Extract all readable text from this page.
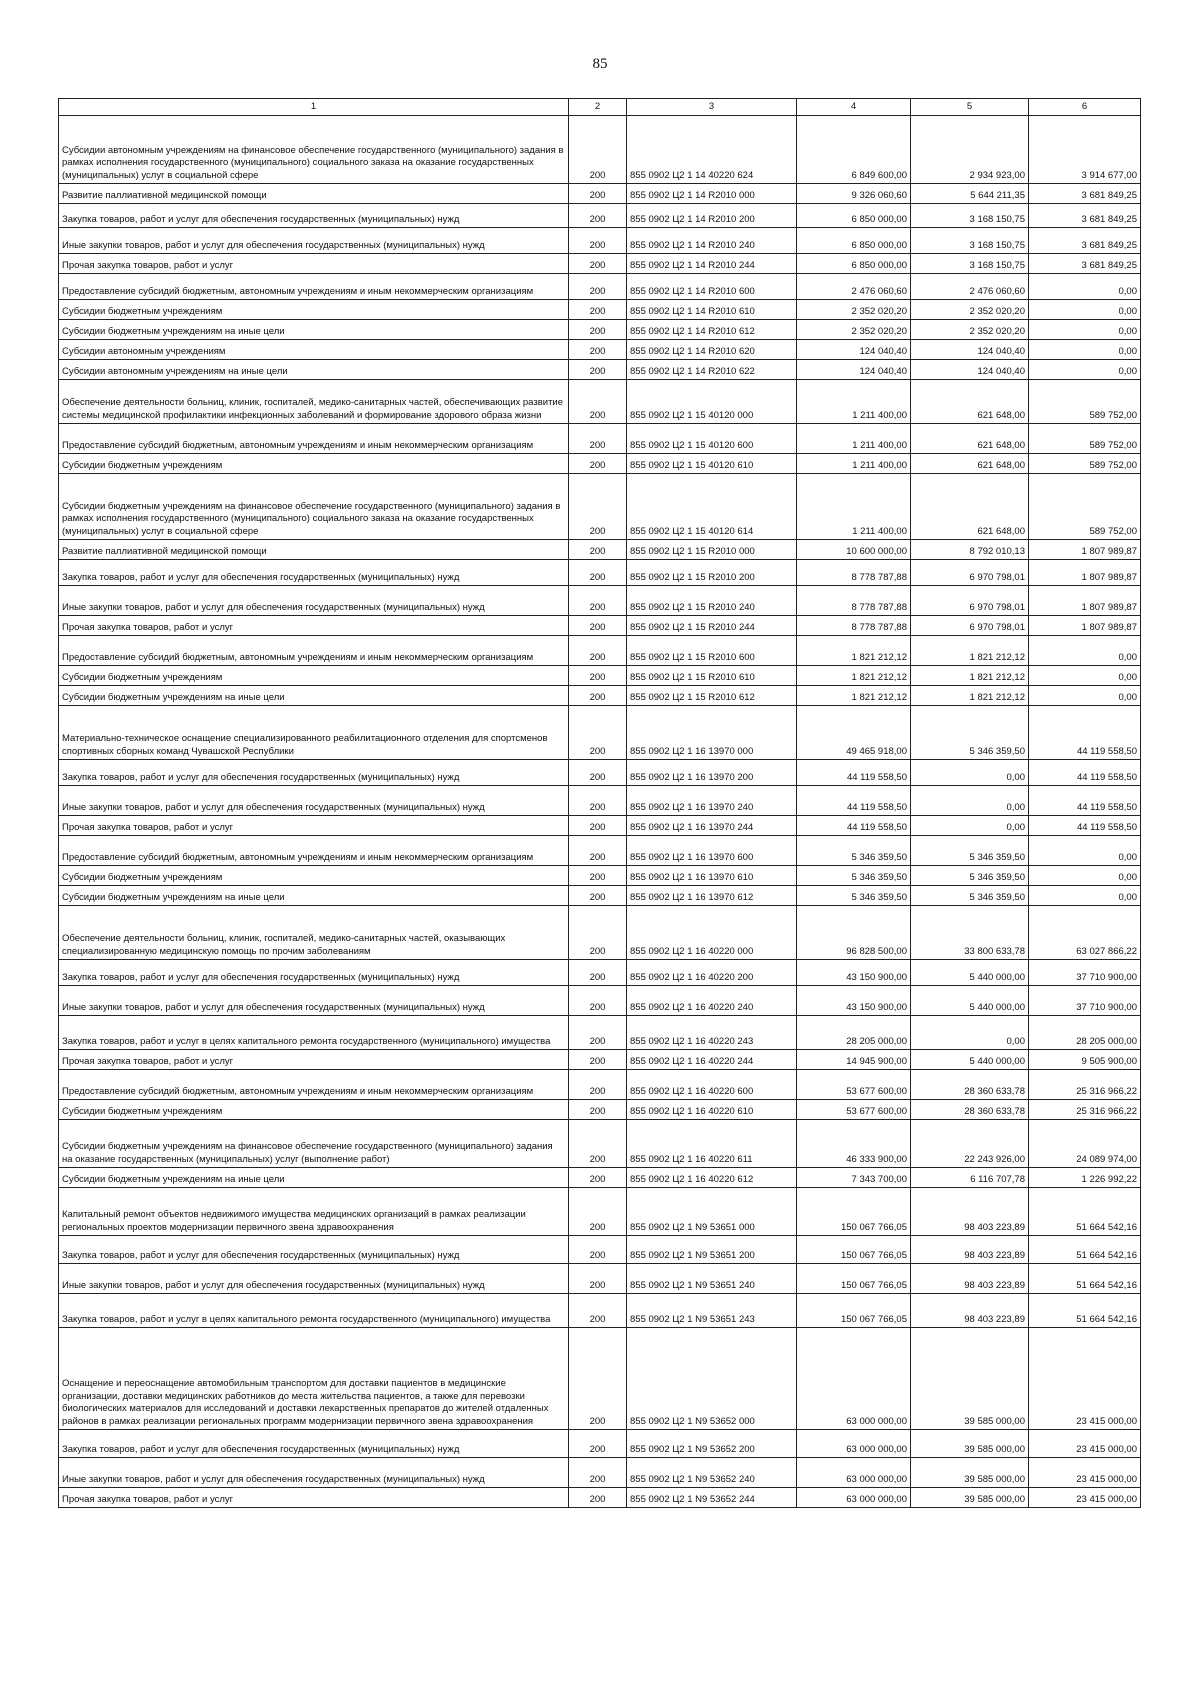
85
1	2	3	4	5	6
Субсидии автономным учреждениям на финансовое обеспечение государственного (муниципального) задания в рамках исполнения государственного (муниципального) социального заказа на оказание государственных (муниципальных) услуг в социальной сфере	200	855 0902 Ц2 1 14 40220 624	6 849 600,00	2 934 923,00	3 914 677,00
Развитие паллиативной медицинской помощи	200	855 0902 Ц2 1 14 R2010 000	9 326 060,60	5 644 211,35	3 681 849,25
Закупка товаров, работ и услуг для обеспечения государственных (муниципальных) нужд	200	855 0902 Ц2 1 14 R2010 200	6 850 000,00	3 168 150,75	3 681 849,25
Иные закупки товаров, работ и услуг для обеспечения государственных (муниципальных) нужд	200	855 0902 Ц2 1 14 R2010 240	6 850 000,00	3 168 150,75	3 681 849,25
Прочая закупка товаров, работ и услуг	200	855 0902 Ц2 1 14 R2010 244	6 850 000,00	3 168 150,75	3 681 849,25
Предоставление субсидий бюджетным, автономным учреждениям и иным некоммерческим организациям	200	855 0902 Ц2 1 14 R2010 600	2 476 060,60	2 476 060,60	0,00
Субсидии бюджетным учреждениям	200	855 0902 Ц2 1 14 R2010 610	2 352 020,20	2 352 020,20	0,00
Субсидии бюджетным учреждениям на иные цели	200	855 0902 Ц2 1 14 R2010 612	2 352 020,20	2 352 020,20	0,00
Субсидии автономным учреждениям	200	855 0902 Ц2 1 14 R2010 620	124 040,40	124 040,40	0,00
Субсидии автономным учреждениям на иные цели	200	855 0902 Ц2 1 14 R2010 622	124 040,40	124 040,40	0,00
Обеспечение деятельности больниц, клиник, госпиталей, медико-санитарных частей, обеспечивающих развитие системы медицинской профилактики инфекционных заболеваний и формирование здорового образа жизни	200	855 0902 Ц2 1 15 40120 000	1 211 400,00	621 648,00	589 752,00
Предоставление субсидий бюджетным, автономным учреждениям и иным некоммерческим организациям	200	855 0902 Ц2 1 15 40120 600	1 211 400,00	621 648,00	589 752,00
Субсидии бюджетным учреждениям	200	855 0902 Ц2 1 15 40120 610	1 211 400,00	621 648,00	589 752,00
Субсидии бюджетным учреждениям на финансовое обеспечение государственного (муниципального) задания в рамках исполнения государственного (муниципального) социального заказа на оказание государственных (муниципальных) услуг в социальной сфере	200	855 0902 Ц2 1 15 40120 614	1 211 400,00	621 648,00	589 752,00
Развитие паллиативной медицинской помощи	200	855 0902 Ц2 1 15 R2010 000	10 600 000,00	8 792 010,13	1 807 989,87
Закупка товаров, работ и услуг для обеспечения государственных (муниципальных) нужд	200	855 0902 Ц2 1 15 R2010 200	8 778 787,88	6 970 798,01	1 807 989,87
Иные закупки товаров, работ и услуг для обеспечения государственных (муниципальных) нужд	200	855 0902 Ц2 1 15 R2010 240	8 778 787,88	6 970 798,01	1 807 989,87
Прочая закупка товаров, работ и услуг	200	855 0902 Ц2 1 15 R2010 244	8 778 787,88	6 970 798,01	1 807 989,87
Предоставление субсидий бюджетным, автономным учреждениям и иным некоммерческим организациям	200	855 0902 Ц2 1 15 R2010 600	1 821 212,12	1 821 212,12	0,00
Субсидии бюджетным учреждениям	200	855 0902 Ц2 1 15 R2010 610	1 821 212,12	1 821 212,12	0,00
Субсидии бюджетным учреждениям на иные цели	200	855 0902 Ц2 1 15 R2010 612	1 821 212,12	1 821 212,12	0,00
Материально-техническое оснащение специализированного реабилитационного отделения для спортсменов спортивных сборных команд Чувашской Республики	200	855 0902 Ц2 1 16 13970 000	49 465 918,00	5 346 359,50	44 119 558,50
Закупка товаров, работ и услуг для обеспечения государственных (муниципальных) нужд	200	855 0902 Ц2 1 16 13970 200	44 119 558,50	0,00	44 119 558,50
Иные закупки товаров, работ и услуг для обеспечения государственных (муниципальных) нужд	200	855 0902 Ц2 1 16 13970 240	44 119 558,50	0,00	44 119 558,50
Прочая закупка товаров, работ и услуг	200	855 0902 Ц2 1 16 13970 244	44 119 558,50	0,00	44 119 558,50
Предоставление субсидий бюджетным, автономным учреждениям и иным некоммерческим организациям	200	855 0902 Ц2 1 16 13970 600	5 346 359,50	5 346 359,50	0,00
Субсидии бюджетным учреждениям	200	855 0902 Ц2 1 16 13970 610	5 346 359,50	5 346 359,50	0,00
Субсидии бюджетным учреждениям на иные цели	200	855 0902 Ц2 1 16 13970 612	5 346 359,50	5 346 359,50	0,00
Обеспечение деятельности больниц, клиник, госпиталей, медико-санитарных частей, оказывающих специализированную медицинскую помощь по прочим заболеваниям	200	855 0902 Ц2 1 16 40220 000	96 828 500,00	33 800 633,78	63 027 866,22
Закупка товаров, работ и услуг для обеспечения государственных (муниципальных) нужд	200	855 0902 Ц2 1 16 40220 200	43 150 900,00	5 440 000,00	37 710 900,00
Иные закупки товаров, работ и услуг для обеспечения государственных (муниципальных) нужд	200	855 0902 Ц2 1 16 40220 240	43 150 900,00	5 440 000,00	37 710 900,00
Закупка товаров, работ и услуг в целях капитального ремонта государственного (муниципального) имущества	200	855 0902 Ц2 1 16 40220 243	28 205 000,00	0,00	28 205 000,00
Прочая закупка товаров, работ и услуг	200	855 0902 Ц2 1 16 40220 244	14 945 900,00	5 440 000,00	9 505 900,00
Предоставление субсидий бюджетным, автономным учреждениям и иным некоммерческим организациям	200	855 0902 Ц2 1 16 40220 600	53 677 600,00	28 360 633,78	25 316 966,22
Субсидии бюджетным учреждениям	200	855 0902 Ц2 1 16 40220 610	53 677 600,00	28 360 633,78	25 316 966,22
Субсидии бюджетным учреждениям на финансовое обеспечение государственного (муниципального) задания на оказание государственных (муниципальных) услуг (выполнение работ)	200	855 0902 Ц2 1 16 40220 611	46 333 900,00	22 243 926,00	24 089 974,00
Субсидии бюджетным учреждениям на иные цели	200	855 0902 Ц2 1 16 40220 612	7 343 700,00	6 116 707,78	1 226 992,22
Капитальный ремонт объектов недвижимого имущества медицинских организаций в рамках реализации региональных проектов модернизации первичного звена здравоохранения	200	855 0902 Ц2 1 N9 53651 000	150 067 766,05	98 403 223,89	51 664 542,16
Закупка товаров, работ и услуг для обеспечения государственных (муниципальных) нужд	200	855 0902 Ц2 1 N9 53651 200	150 067 766,05	98 403 223,89	51 664 542,16
Иные закупки товаров, работ и услуг для обеспечения государственных (муниципальных) нужд	200	855 0902 Ц2 1 N9 53651 240	150 067 766,05	98 403 223,89	51 664 542,16
Закупка товаров, работ и услуг в целях капитального ремонта государственного (муниципального) имущества	200	855 0902 Ц2 1 N9 53651 243	150 067 766,05	98 403 223,89	51 664 542,16
Оснащение и переоснащение автомобильным транспортом для доставки пациентов в медицинские организации, доставки медицинских работников до места жительства пациентов, а также для перевозки биологических материалов для исследований и доставки лекарственных препаратов до жителей отдаленных районов в рамках реализации региональных программ модернизации первичного звена здравоохранения	200	855 0902 Ц2 1 N9 53652 000	63 000 000,00	39 585 000,00	23 415 000,00
Закупка товаров, работ и услуг для обеспечения государственных (муниципальных) нужд	200	855 0902 Ц2 1 N9 53652 200	63 000 000,00	39 585 000,00	23 415 000,00
Иные закупки товаров, работ и услуг для обеспечения государственных (муниципальных) нужд	200	855 0902 Ц2 1 N9 53652 240	63 000 000,00	39 585 000,00	23 415 000,00
Прочая закупка товаров, работ и услуг	200	855 0902 Ц2 1 N9 53652 244	63 000 000,00	39 585 000,00	23 415 000,00
